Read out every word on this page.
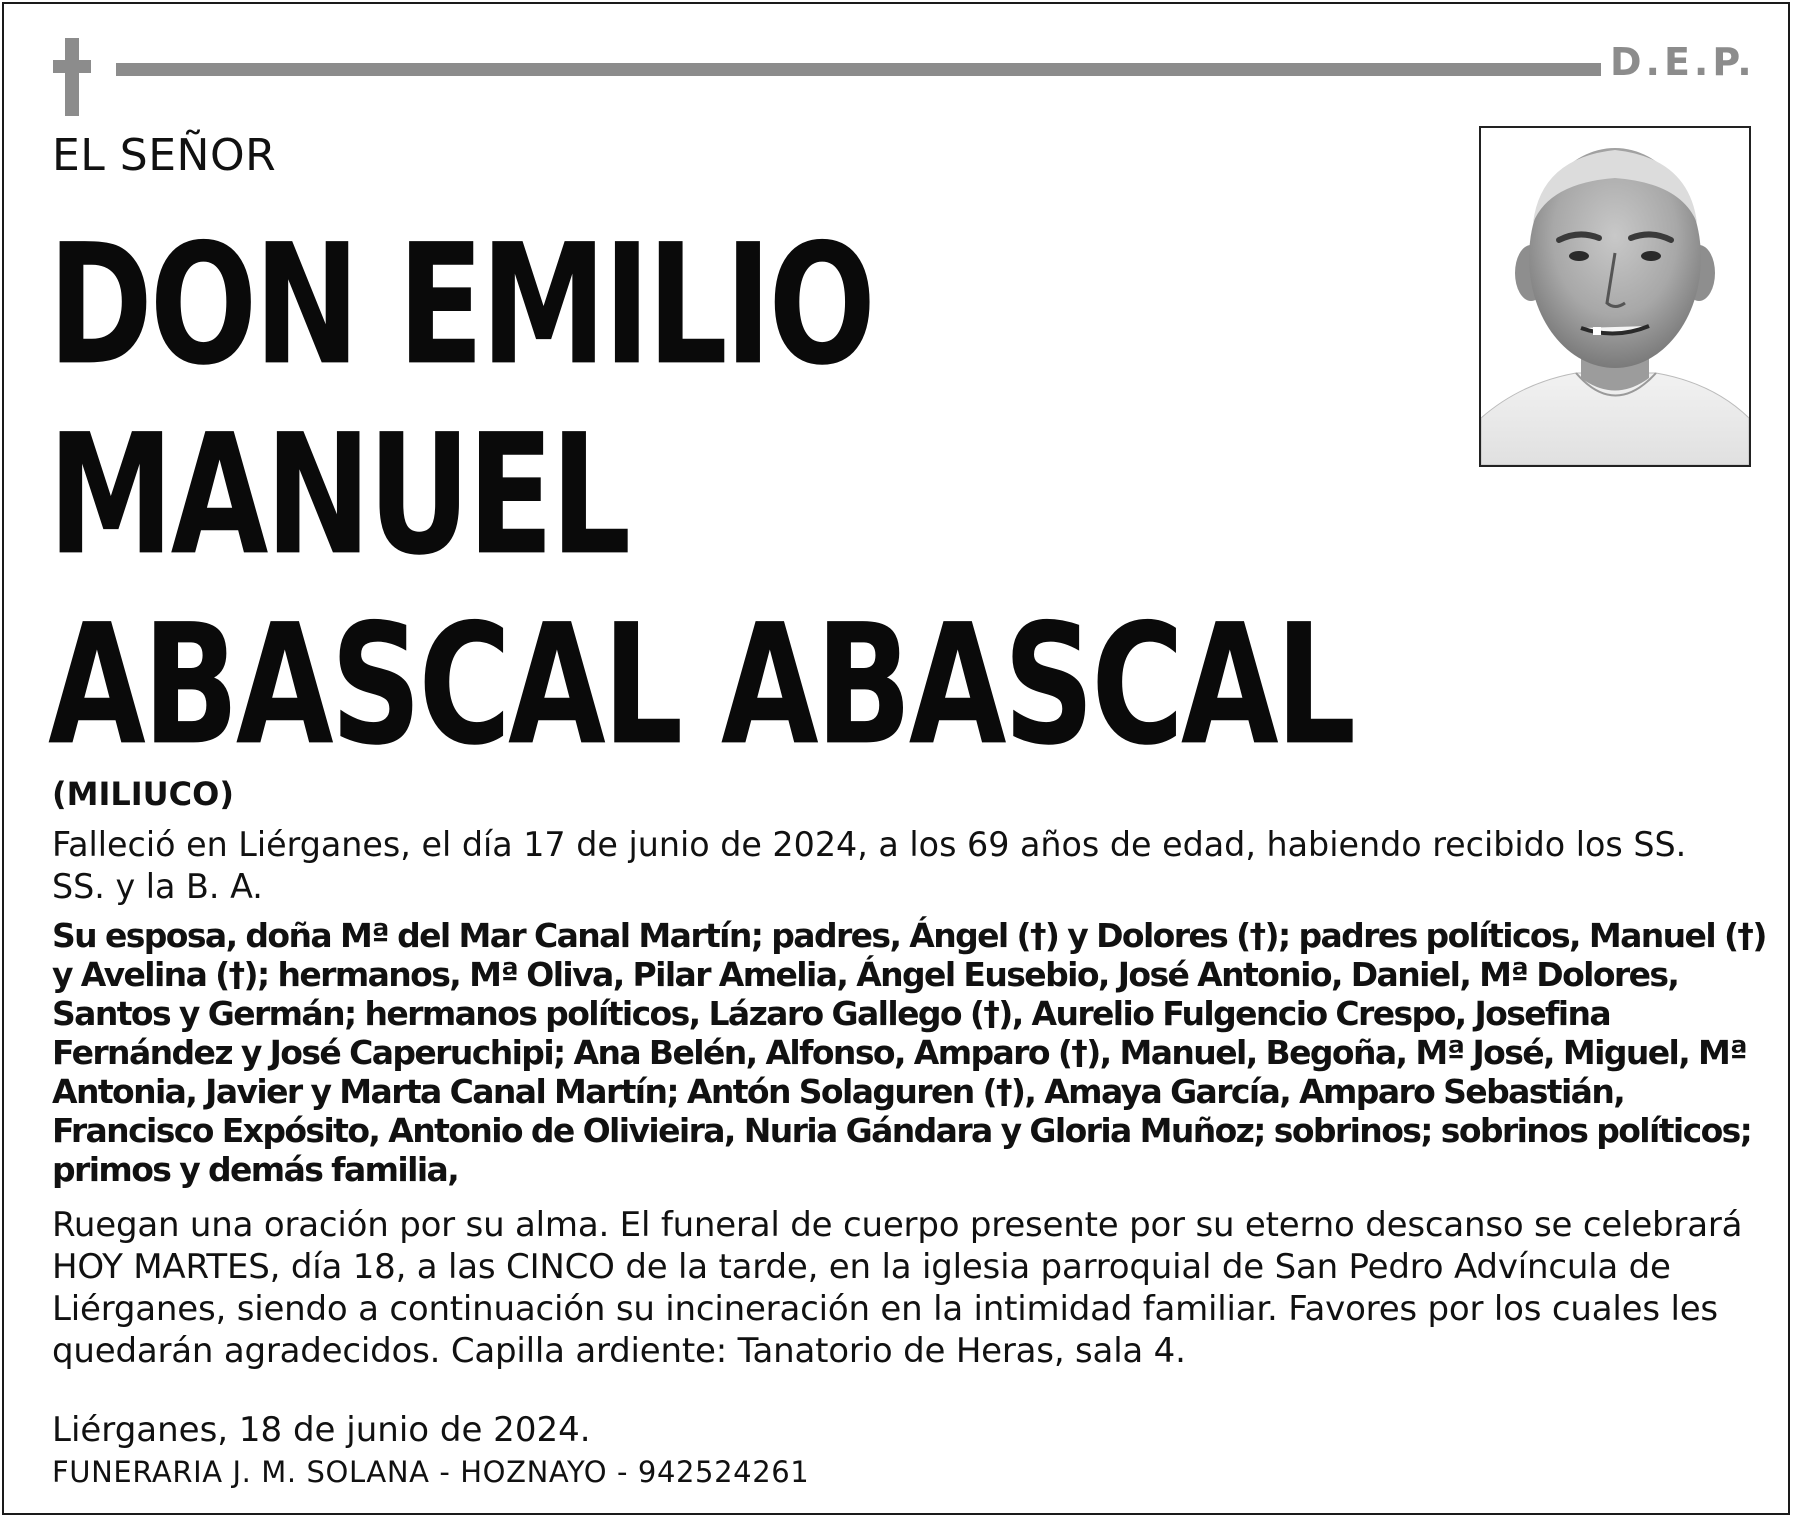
D.E.P.
EL SEÑOR
DON EMILIO
MANUEL
ABASCAL ABASCAL
(MILIUCO)

Falleció en Liérganes, el día 17 de junio de 2024, a los 69 años de edad, habiendo recibido los SS. SS. y la B. A.

Su esposa, doña Mª del Mar Canal Martín; padres, Ángel (†) y Dolores (†); padres políticos, Manuel (†) y Avelina (†); hermanos, Mª Oliva, Pilar Amelia, Ángel Eusebio, José Antonio, Daniel, Mª Dolores, Santos y Germán; hermanos políticos, Lázaro Gallego (†), Aurelio Fulgencio Crespo, Josefina Fernández y José Caperuchipi; Ana Belén, Alfonso, Amparo (†), Manuel, Begoña, Mª José, Miguel, Mª Antonia, Javier y Marta Canal Martín; Antón Solaguren (†), Amaya García, Amparo Sebastián, Francisco Expósito, Antonio de Olivieira, Nuria Gándara y Gloria Muñoz; sobrinos; sobrinos políticos; primos y demás familia,

Ruegan una oración por su alma. El funeral de cuerpo presente por su eterno descanso se celebrará HOY MARTES, día 18, a las CINCO de la tarde, en la iglesia parroquial de San Pedro Advíncula de Liérganes, siendo a continuación su incineración en la intimidad familiar. Favores por los cuales les quedarán agradecidos. Capilla ardiente: Tanatorio de Heras, sala 4.

Liérganes, 18 de junio de 2024.

FUNERARIA J. M. SOLANA - HOZNAYO - 942524261
